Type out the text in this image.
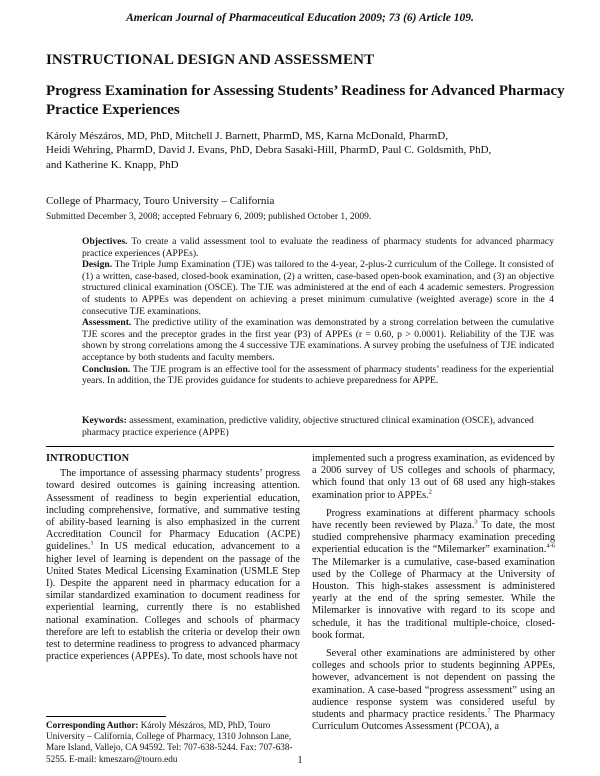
American Journal of Pharmaceutical Education 2009; 73 (6) Article 109.
INSTRUCTIONAL DESIGN AND ASSESSMENT
Progress Examination for Assessing Students’ Readiness for Advanced Pharmacy Practice Experiences
Károly Mészáros, MD, PhD, Mitchell J. Barnett, PharmD, MS, Karna McDonald, PharmD,
Heidi Wehring, PharmD, David J. Evans, PhD, Debra Sasaki-Hill, PharmD, Paul C. Goldsmith, PhD,
and Katherine K. Knapp, PhD
College of Pharmacy, Touro University – California
Submitted December 3, 2008; accepted February 6, 2009; published October 1, 2009.

Objectives. To create a valid assessment tool to evaluate the readiness of pharmacy students for advanced pharmacy practice experiences (APPEs).

Design. The Triple Jump Examination (TJE) was tailored to the 4-year, 2-plus-2 curriculum of the College. It consisted of (1) a written, case-based, closed-book examination, (2) a written, case-based open-book examination, and (3) an objective structured clinical examination (OSCE). The TJE was administered at the end of each 4 academic semesters. Progression of students to APPEs was dependent on achieving a preset minimum cumulative (weighted average) score in the 4 consecutive TJE examinations.

Assessment. The predictive utility of the examination was demonstrated by a strong correlation between the cumulative TJE scores and the preceptor grades in the first year (P3) of APPEs (r = 0.60, p > 0.0001). Reliability of the TJE was shown by strong correlations among the 4 successive TJE examinations. A survey probing the usefulness of TJE indicated acceptance by both students and faculty members.

Conclusion. The TJE program is an effective tool for the assessment of pharmacy students’ readiness for the experiential years. In addition, the TJE provides guidance for students to achieve preparedness for APPE.

Keywords: assessment, examination, predictive validity, objective structured clinical examination (OSCE), advanced pharmacy practice experience (APPE)
INTRODUCTION

The importance of assessing pharmacy students’ progress toward desired outcomes is gaining increasing attention. Assessment of readiness to begin experiential education, including comprehensive, formative, and summative testing of ability-based learning is also emphasized in the current Accreditation Council for Pharmacy Education (ACPE) guidelines.$^1$ In US medical education, advancement to a higher level of learning is dependent on the passage of the United States Medical Licensing Examination (USMLE Step I). Despite the apparent need in pharmacy education for a similar standardized examination to document readiness for experiential learning, currently there is no established national examination. Colleges and schools of pharmacy therefore are left to establish the criteria or develop their own test to determine readiness to progress to advanced pharmacy practice experiences (APPEs). To date, most schools have not

implemented such a progress examination, as evidenced by a 2006 survey of US colleges and schools of pharmacy, which found that only 13 out of 68 used any high-stakes examination prior to APPEs.$^2$

Progress examinations at different pharmacy schools have recently been reviewed by Plaza.$^3$ To date, the most studied comprehensive pharmacy examination preceding experiential education is the “Milemarker” examination.$^{4-6}$ The Milemarker is a cumulative, case-based examination used by the College of Pharmacy at the University of Houston. This high-stakes assessment is administered yearly at the end of the spring semester. While the Milemarker is innovative with regard to its scope and schedule, it has the traditional multiple-choice, closed-book format.

Several other examinations are administered by other colleges and schools prior to students beginning APPEs, however, advancement is not dependent on passing the examination. A case-based “progress assessment” using an audience response system was considered useful by students and pharmacy practice residents.$^7$ The Pharmacy Curriculum Outcomes Assessment (PCOA), a

Corresponding Author: Károly Mészáros, MD, PhD, Touro University – California, College of Pharmacy, 1310 Johnson Lane, Mare Island, Vallejo, CA 94592. Tel: 707-638-5244. Fax: 707-638-5255. E-mail: kmeszaro@touro.edu	1
